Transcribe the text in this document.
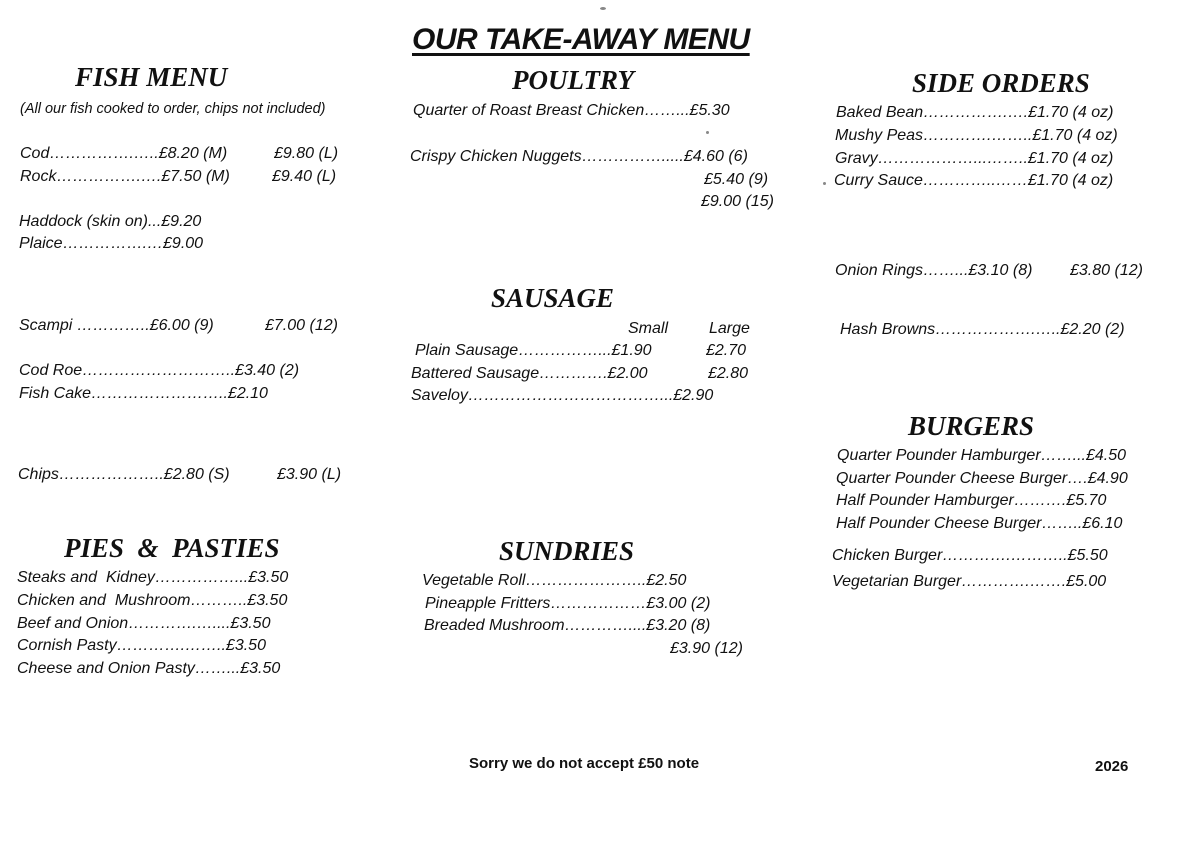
OUR TAKE-AWAY MENU
FISH MENU
(All our fish cooked to order, chips not included)
Cod…………….…..£8.20 (M)	£9.80 (L)
Rock…………….….£7.50 (M)	£9.40 (L)
Haddock (skin on)...£9.20
Plaice…………….…£9.00
Scampi …………..£6.00 (9)	£7.00 (12)
Cod Roe………………………..£3.40 (2)
Fish Cake……………………..£2.10
Chips………………..£2.80 (S)	£3.90 (L)
PIES  &  PASTIES
Steaks and  Kidney……………...£3.50
Chicken and  Mushroom………..£3.50
Beef and Onion………….…....£3.50
Cornish Pasty………….……..£3.50
Cheese and Onion Pasty……...£3.50
POULTRY
Quarter of Roast Breast Chicken……...£5.30
Crispy Chicken Nuggets…………….....£4.60 (6)
£5.40 (9)
£9.00 (15)
SAUSAGE
Small	Large
Plain Sausage……………...£1.90	£2.70
Battered Sausage………….£2.00	£2.80
Saveloy………………………………...£2.90
SUNDRIES
Vegetable Roll…………………..£2.50
Pineapple Fritters………………£3.00 (2)
Breaded Mushroom…………....£3.20 (8)
£3.90 (12)
SIDE ORDERS
Baked Bean…………….….£1.70 (4 oz)
Mushy Peas………….……..£1.70 (4 oz)
Gravy………………...……..£1.70 (4 oz)
Curry Sauce…………..……£1.70 (4 oz)
Onion Rings……...£3.10 (8) £3.80 (12)
Hash Browns……………….…..£2.20 (2)
BURGERS
Quarter Pounder Hamburger……...£4.50
Quarter Pounder Cheese Burger….£4.90
Half Pounder Hamburger……….£5.70
Half Pounder Cheese Burger……..£6.10
Chicken Burger………….………..£5.50
Vegetarian Burger………….…….£5.00
Sorry we do not accept £50 note	2026
